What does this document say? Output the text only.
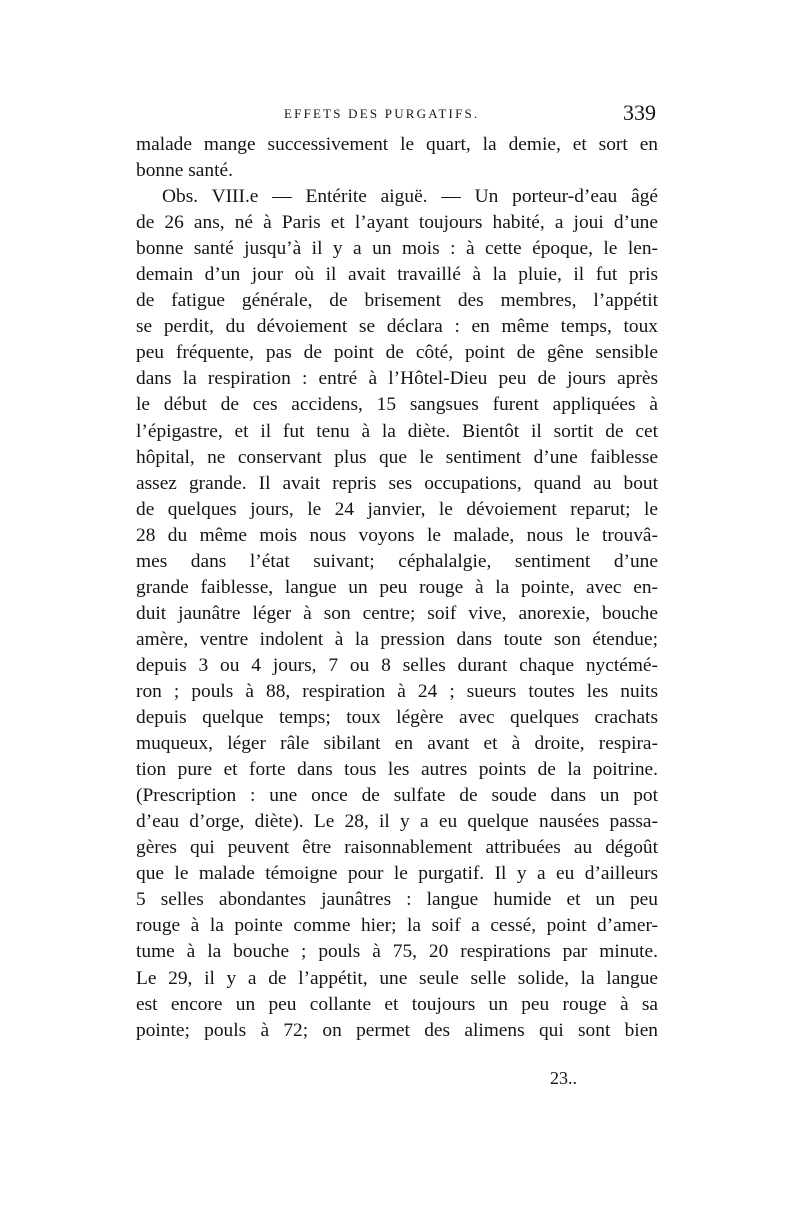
EFFETS DES PURGATIFS.	339
malade mange successivement le quart, la demie, et sort en
bonne santé.
Obs. VIII.e — Entérite aiguë. — Un porteur-d’eau âgé
de 26 ans, né à Paris et l’ayant toujours habité, a joui d’une
bonne santé jusqu’à il y a un mois : à cette époque, le len-
demain d’un jour où il avait travaillé à la pluie, il fut pris
de fatigue générale, de brisement des membres, l’appétit
se perdit, du dévoiement se déclara : en même temps, toux
peu fréquente, pas de point de côté, point de gêne sensible
dans la respiration : entré à l’Hôtel-Dieu peu de jours après
le début de ces accidens, 15 sangsues furent appliquées à
l’épigastre, et il fut tenu à la diète. Bientôt il sortit de cet
hôpital, ne conservant plus que le sentiment d’une faiblesse
assez grande. Il avait repris ses occupations, quand au bout
de quelques jours, le 24 janvier, le dévoiement reparut; le
28 du même mois nous voyons le malade, nous le trouvâ-
mes dans l’état suivant; céphalalgie, sentiment d’une
grande faiblesse, langue un peu rouge à la pointe, avec en-
duit jaunâtre léger à son centre; soif vive, anorexie, bouche
amère, ventre indolent à la pression dans toute son étendue;
depuis 3 ou 4 jours, 7 ou 8 selles durant chaque nyctémé-
ron ; pouls à 88, respiration à 24 ; sueurs toutes les nuits
depuis quelque temps; toux légère avec quelques crachats
muqueux, léger râle sibilant en avant et à droite, respira-
tion pure et forte dans tous les autres points de la poitrine.
(Prescription : une once de sulfate de soude dans un pot
d’eau d’orge, diète). Le 28, il y a eu quelque nausées passa-
gères qui peuvent être raisonnablement attribuées au dégoût
que le malade témoigne pour le purgatif. Il y a eu d’ailleurs
5 selles abondantes jaunâtres : langue humide et un peu
rouge à la pointe comme hier; la soif a cessé, point d’amer-
tume à la bouche ; pouls à 75, 20 respirations par minute.
Le 29, il y a de l’appétit, une seule selle solide, la langue
est encore un peu collante et toujours un peu rouge à sa
pointe; pouls à 72; on permet des alimens qui sont bien
23..
